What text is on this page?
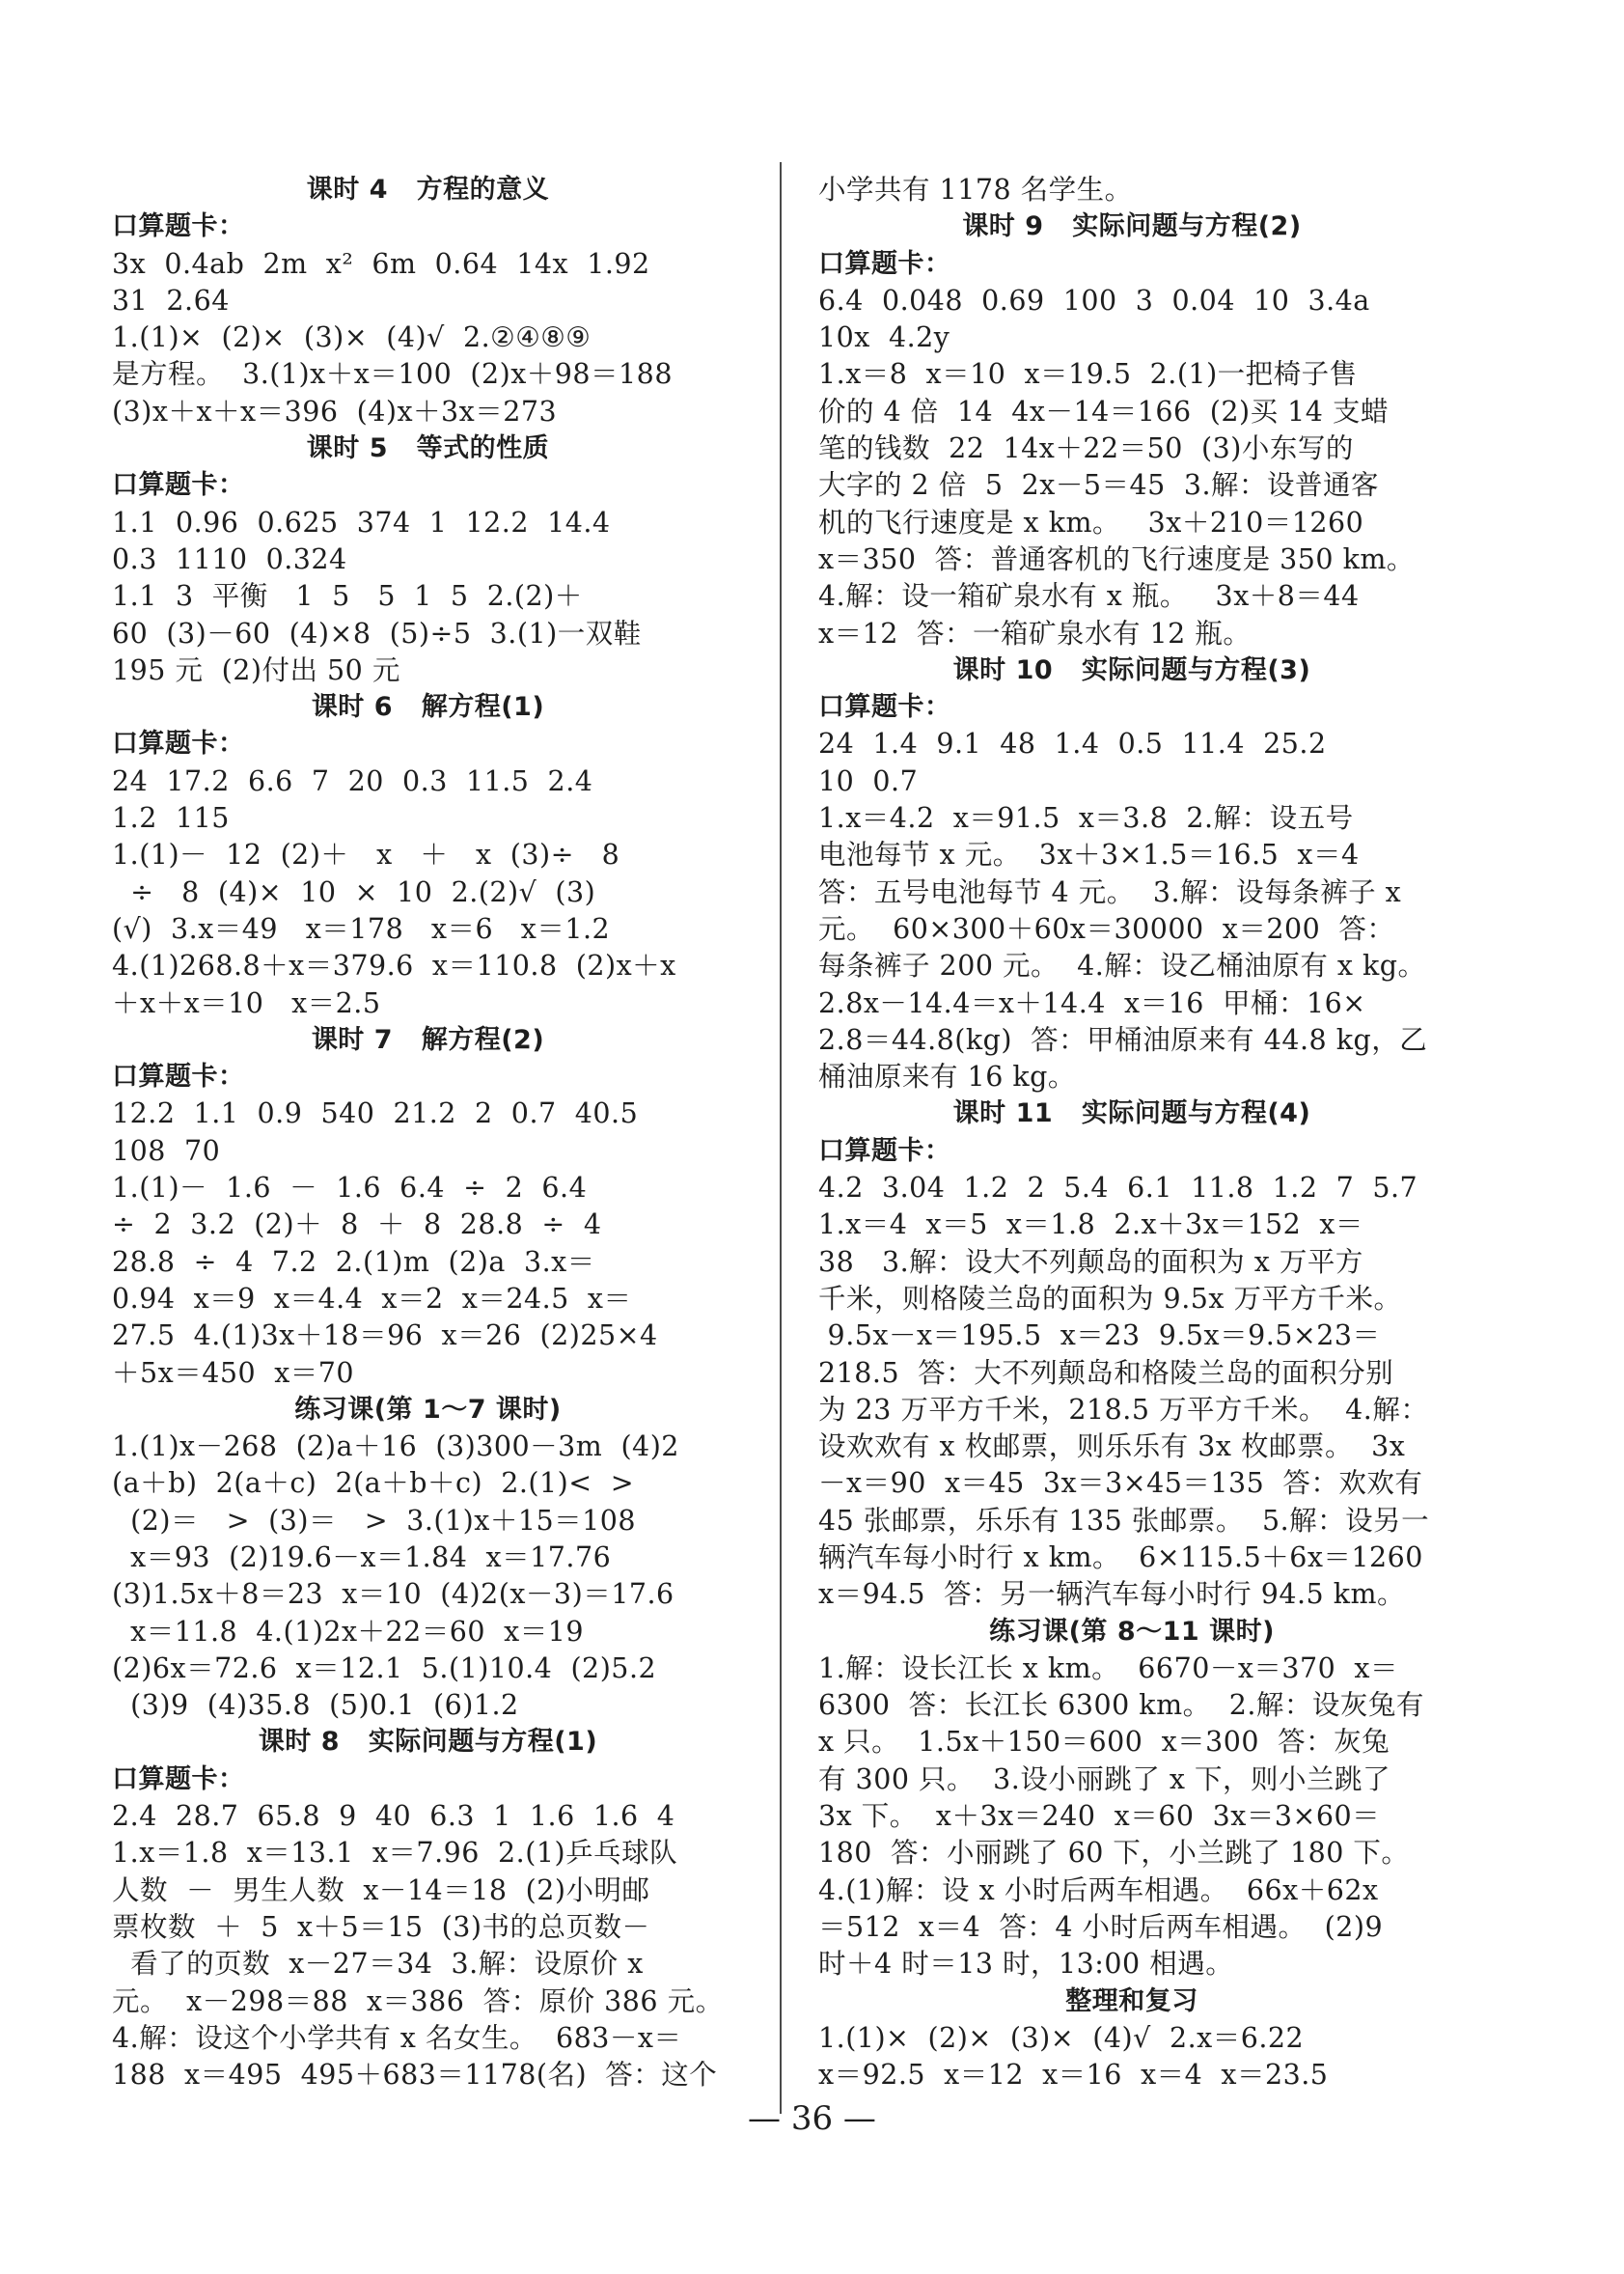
课时 4   方程的意义
口算题卡：
3x  0.4ab  2m  x²  6m  0.64  14x  1.92
31  2.64
1.(1)×  (2)×  (3)×  (4)√  2.②④⑧⑨
是方程。  3.(1)x＋x＝100  (2)x＋98＝188
(3)x＋x＋x＝396  (4)x＋3x＝273
课时 5   等式的性质
口算题卡：
1.1  0.96  0.625  374  1  12.2  14.4
0.3  1110  0.324
1.1  3  平衡   1  5   5  1  5  2.(2)＋
60  (3)－60  (4)×8  (5)÷5  3.(1)一双鞋
195 元  (2)付出 50 元
课时 6   解方程(1)
口算题卡：
24  17.2  6.6  7  20  0.3  11.5  2.4
1.2  115
1.(1)－  12  (2)＋   x   ＋   x  (3)÷   8
÷   8  (4)×  10  ×  10  2.(2)√  (3)
(√)  3.x＝49   x＝178   x＝6   x＝1.2
4.(1)268.8＋x＝379.6  x＝110.8  (2)x＋x
＋x＋x＝10   x＝2.5
课时 7   解方程(2)
口算题卡：
12.2  1.1  0.9  540  21.2  2  0.7  40.5
108  70
1.(1)－  1.6  －  1.6  6.4  ÷  2  6.4
÷  2  3.2  (2)＋  8  ＋  8  28.8  ÷  4
28.8  ÷  4  7.2  2.(1)m  (2)a  3.x＝
0.94  x＝9  x＝4.4  x＝2  x＝24.5  x＝
27.5  4.(1)3x＋18＝96  x＝26  (2)25×4
＋5x＝450  x＝70
练习课(第 1～7 课时)
1.(1)x－268  (2)a＋16  (3)300－3m  (4)2
(a＋b)  2(a＋c)  2(a＋b＋c)  2.(1)<  >
(2)＝   >  (3)＝   >  3.(1)x＋15＝108
x＝93  (2)19.6－x＝1.84  x＝17.76
(3)1.5x＋8＝23  x＝10  (4)2(x－3)＝17.6
x＝11.8  4.(1)2x＋22＝60  x＝19
(2)6x＝72.6  x＝12.1  5.(1)10.4  (2)5.2
(3)9  (4)35.8  (5)0.1  (6)1.2
课时 8   实际问题与方程(1)
口算题卡：
2.4  28.7  65.8  9  40  6.3  1  1.6  1.6  4
1.x＝1.8  x＝13.1  x＝7.96  2.(1)乒乓球队
人数  －  男生人数  x－14＝18  (2)小明邮
票枚数  ＋  5  x＋5＝15  (3)书的总页数－
看了的页数  x－27＝34  3.解：设原价 x
元。  x－298＝88  x＝386  答：原价 386 元。
4.解：设这个小学共有 x 名女生。  683－x＝
188  x＝495  495＋683＝1178(名)  答：这个
小学共有 1178 名学生。
课时 9   实际问题与方程(2)
口算题卡：
6.4  0.048  0.69  100  3  0.04  10  3.4a
10x  4.2y
1.x＝8  x＝10  x＝19.5  2.(1)一把椅子售
价的 4 倍  14  4x－14＝166  (2)买 14 支蜡
笔的钱数  22  14x＋22＝50  (3)小东写的
大字的 2 倍  5  2x－5＝45  3.解：设普通客
机的飞行速度是 x km。   3x＋210＝1260
x＝350  答：普通客机的飞行速度是 350 km。
4.解：设一箱矿泉水有 x 瓶。   3x＋8＝44
x＝12  答：一箱矿泉水有 12 瓶。
课时 10   实际问题与方程(3)
口算题卡：
24  1.4  9.1  48  1.4  0.5  11.4  25.2
10  0.7
1.x＝4.2  x＝91.5  x＝3.8  2.解：设五号
电池每节 x 元。  3x＋3×1.5＝16.5  x＝4
答：五号电池每节 4 元。  3.解：设每条裤子 x
元。  60×300＋60x＝30000  x＝200  答：
每条裤子 200 元。  4.解：设乙桶油原有 x kg。
2.8x－14.4＝x＋14.4  x＝16  甲桶：16×
2.8＝44.8(kg)  答：甲桶油原来有 44.8 kg，乙
桶油原来有 16 kg。
课时 11   实际问题与方程(4)
口算题卡：
4.2  3.04  1.2  2  5.4  6.1  11.8  1.2  7  5.7
1.x＝4  x＝5  x＝1.8  2.x＋3x＝152  x＝
38   3.解：设大不列颠岛的面积为 x 万平方
千米，则格陵兰岛的面积为 9.5x 万平方千米。
9.5x－x＝195.5  x＝23  9.5x＝9.5×23＝
218.5  答：大不列颠岛和格陵兰岛的面积分别
为 23 万平方千米，218.5 万平方千米。  4.解：
设欢欢有 x 枚邮票，则乐乐有 3x 枚邮票。  3x
－x＝90  x＝45  3x＝3×45＝135  答：欢欢有
45 张邮票，乐乐有 135 张邮票。  5.解：设另一
辆汽车每小时行 x km。  6×115.5＋6x＝1260
x＝94.5  答：另一辆汽车每小时行 94.5 km。
练习课(第 8～11 课时)
1.解：设长江长 x km。  6670－x＝370  x＝
6300  答：长江长 6300 km。  2.解：设灰兔有
x 只。  1.5x＋150＝600  x＝300  答：灰兔
有 300 只。  3.设小丽跳了 x 下，则小兰跳了
3x 下。  x＋3x＝240  x＝60  3x＝3×60＝
180  答：小丽跳了 60 下，小兰跳了 180 下。
4.(1)解：设 x 小时后两车相遇。  66x＋62x
＝512  x＝4  答：4 小时后两车相遇。  (2)9
时＋4 时＝13 时，13:00 相遇。
整理和复习
1.(1)×  (2)×  (3)×  (4)√  2.x＝6.22
x＝92.5  x＝12  x＝16  x＝4  x＝23.5
— 36 —
